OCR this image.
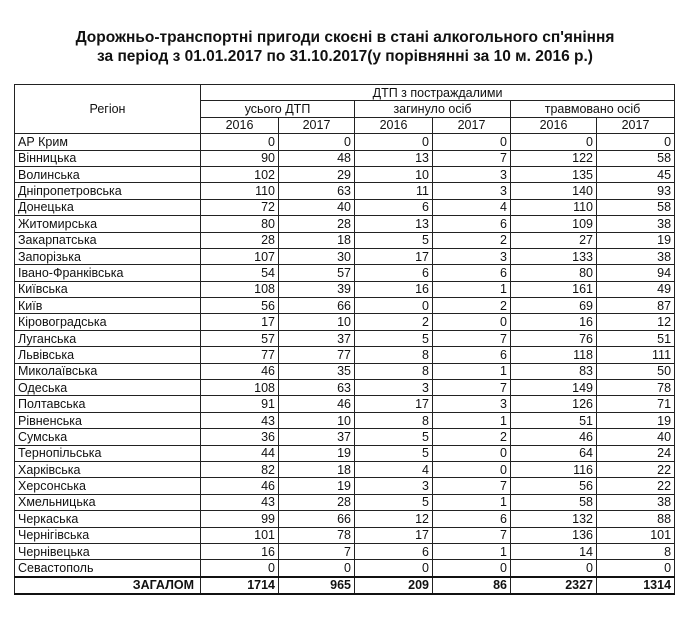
Дорожньо-транспортні пригоди скоєні в стані алкогольного сп'яніння
за період з 01.01.2017 по 31.10.2017(у порівнянні за 10 м. 2016 р.)
Регіон	ДТП з постраждалими					
	усього ДТП		загинуло осіб		травмовано осіб	
	2016	2017	2016	2017	2016	2017
АР Крим	0	0	0	0	0	0
Вінницька	90	48	13	7	122	58
Волинська	102	29	10	3	135	45
Дніпропетровська	110	63	11	3	140	93
Донецька	72	40	6	4	110	58
Житомирська	80	28	13	6	109	38
Закарпатська	28	18	5	2	27	19
Запорізька	107	30	17	3	133	38
Івано-Франківська	54	57	6	6	80	94
Київська	108	39	16	1	161	49
Київ	56	66	0	2	69	87
Кіровоградська	17	10	2	0	16	12
Луганська	57	37	5	7	76	51
Львівська	77	77	8	6	118	111
Миколаївська	46	35	8	1	83	50
Одеська	108	63	3	7	149	78
Полтавська	91	46	17	3	126	71
Рівненська	43	10	8	1	51	19
Сумська	36	37	5	2	46	40
Тернопільська	44	19	5	0	64	24
Харківська	82	18	4	0	116	22
Херсонська	46	19	3	7	56	22
Хмельницька	43	28	5	1	58	38
Черкаська	99	66	12	6	132	88
Чернігівська	101	78	17	7	136	101
Чернівецька	16	7	6	1	14	8
Севастополь	0	0	0	0	0	0
ЗАГАЛОМ	1714	965	209	86	2327	1314
